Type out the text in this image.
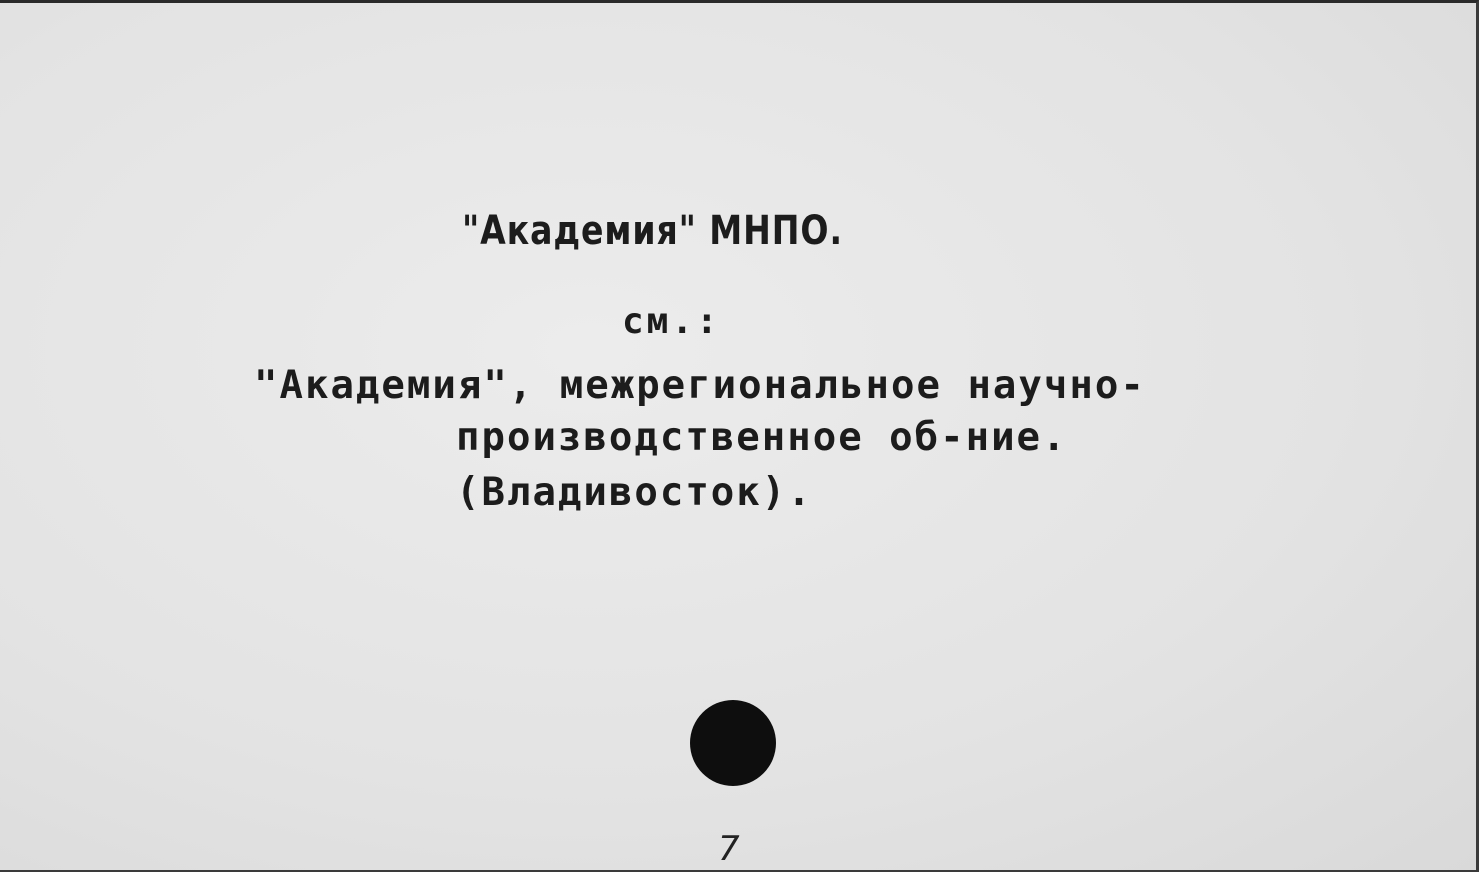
"Академия" МНПО.
см.:
"Академия", межрегиональное научно-
производственное об-ние.
(Владивосток).
7
